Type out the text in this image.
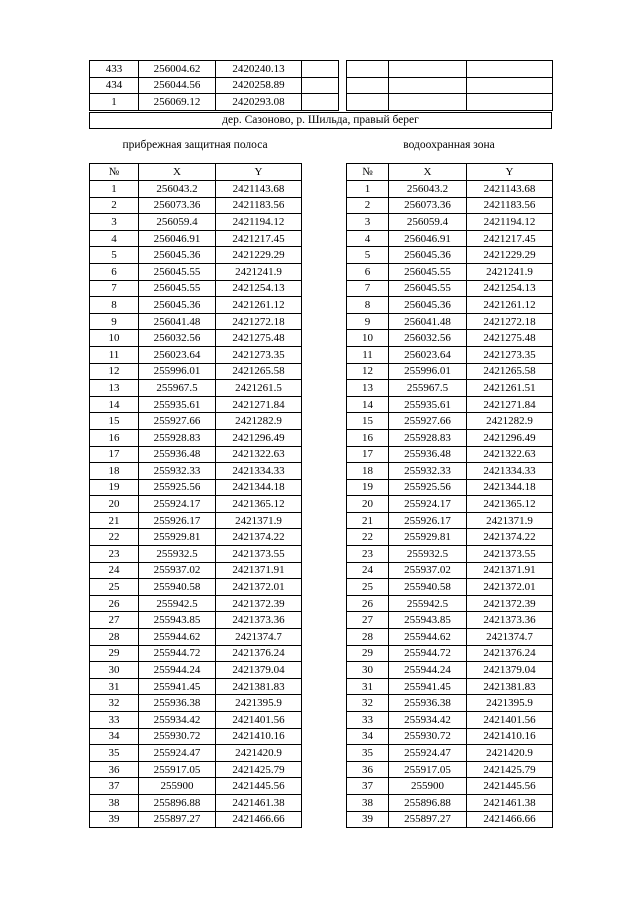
433	256004.62	2420240.13	
434	256044.56	2420258.89	
1	256069.12	2420293.08	

дер. Сазоново, р. Шильда, правый берег
прибрежная защитная полоса	водоохранная зона
№	X	Y
1	256043.2	2421143.68
2	256073.36	2421183.56
3	256059.4	2421194.12
4	256046.91	2421217.45
5	256045.36	2421229.29
6	256045.55	2421241.9
7	256045.55	2421254.13
8	256045.36	2421261.12
9	256041.48	2421272.18
10	256032.56	2421275.48
11	256023.64	2421273.35
12	255996.01	2421265.58
13	255967.5	2421261.5
14	255935.61	2421271.84
15	255927.66	2421282.9
16	255928.83	2421296.49
17	255936.48	2421322.63
18	255932.33	2421334.33
19	255925.56	2421344.18
20	255924.17	2421365.12
21	255926.17	2421371.9
22	255929.81	2421374.22
23	255932.5	2421373.55
24	255937.02	2421371.91
25	255940.58	2421372.01
26	255942.5	2421372.39
27	255943.85	2421373.36
28	255944.62	2421374.7
29	255944.72	2421376.24
30	255944.24	2421379.04
31	255941.45	2421381.83
32	255936.38	2421395.9
33	255934.42	2421401.56
34	255930.72	2421410.16
35	255924.47	2421420.9
36	255917.05	2421425.79
37	255900	2421445.56
38	255896.88	2421461.38
39	255897.27	2421466.66
№	X	Y
1	256043.2	2421143.68
2	256073.36	2421183.56
3	256059.4	2421194.12
4	256046.91	2421217.45
5	256045.36	2421229.29
6	256045.55	2421241.9
7	256045.55	2421254.13
8	256045.36	2421261.12
9	256041.48	2421272.18
10	256032.56	2421275.48
11	256023.64	2421273.35
12	255996.01	2421265.58
13	255967.5	2421261.51
14	255935.61	2421271.84
15	255927.66	2421282.9
16	255928.83	2421296.49
17	255936.48	2421322.63
18	255932.33	2421334.33
19	255925.56	2421344.18
20	255924.17	2421365.12
21	255926.17	2421371.9
22	255929.81	2421374.22
23	255932.5	2421373.55
24	255937.02	2421371.91
25	255940.58	2421372.01
26	255942.5	2421372.39
27	255943.85	2421373.36
28	255944.62	2421374.7
29	255944.72	2421376.24
30	255944.24	2421379.04
31	255941.45	2421381.83
32	255936.38	2421395.9
33	255934.42	2421401.56
34	255930.72	2421410.16
35	255924.47	2421420.9
36	255917.05	2421425.79
37	255900	2421445.56
38	255896.88	2421461.38
39	255897.27	2421466.66
